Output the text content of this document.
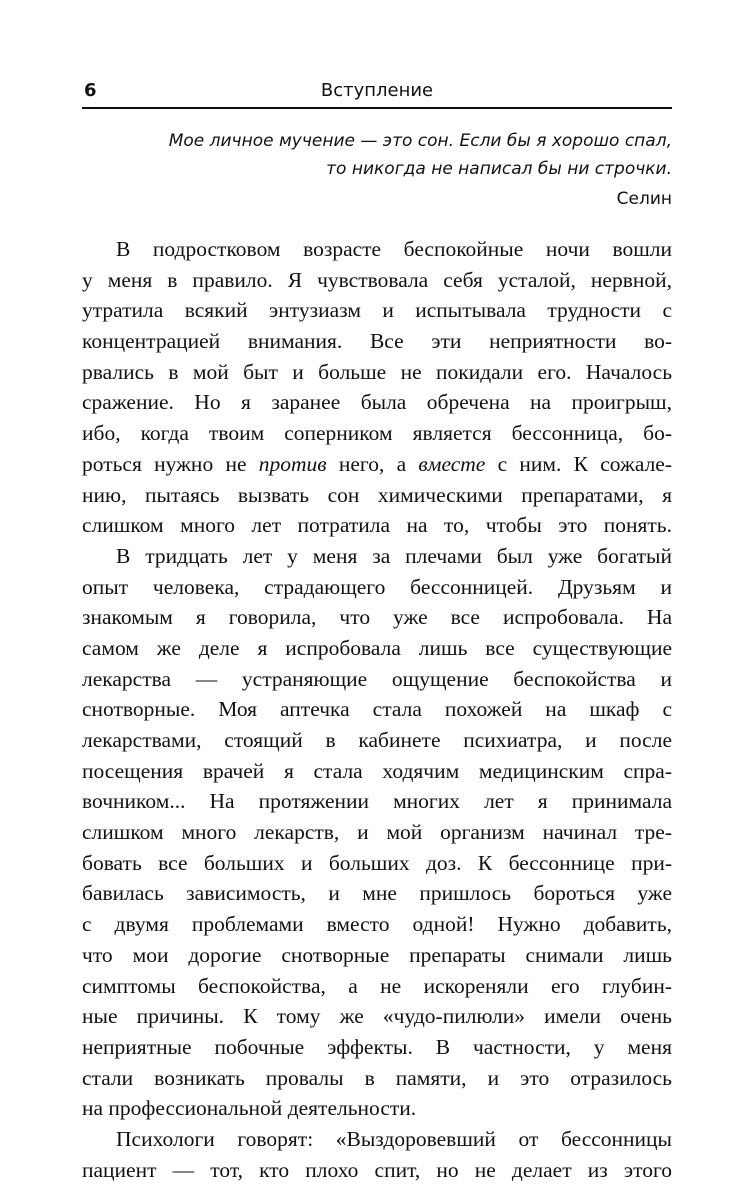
6	Вступление
Мое личное мучение — это сон. Если бы я хорошо спал,
то никогда не написал бы ни строчки.
Селин
В подростковом возрасте беспокойные ночи вошли
у меня в правило. Я чувствовала себя усталой, нервной,
утратила всякий энтузиазм и испытывала трудности с
концентрацией внимания. Все эти неприятности во-
рвались в мой быт и больше не покидали его. Началось
сражение. Но я заранее была обречена на проигрыш,
ибо, когда твоим соперником является бессонница, бо-
роться нужно не против него, а вместе с ним. К сожале-
нию, пытаясь вызвать сон химическими препаратами, я
слишком много лет потратила на то, чтобы это понять.
В тридцать лет у меня за плечами был уже богатый
опыт человека, страдающего бессонницей. Друзьям и
знакомым я говорила, что уже все испробовала. На
самом же деле я испробовала лишь все существующие
лекарства — устраняющие ощущение беспокойства и
снотворные. Моя аптечка стала похожей на шкаф с
лекарствами, стоящий в кабинете психиатра, и после
посещения врачей я стала ходячим медицинским спра-
вочником... На протяжении многих лет я принимала
слишком много лекарств, и мой организм начинал тре-
бовать все больших и больших доз. К бессоннице при-
бавилась зависимость, и мне пришлось бороться уже
с двумя проблемами вместо одной! Нужно добавить,
что мои дорогие снотворные препараты снимали лишь
симптомы беспокойства, а не искореняли его глубин-
ные причины. К тому же «чудо-пилюли» имели очень
неприятные побочные эффекты. В частности, у меня
стали возникать провалы в памяти, и это отразилось
на профессиональной деятельности.
Психологи говорят: «Выздоровевший от бессонницы
пациент — тот, кто плохо спит, но не делает из этого
